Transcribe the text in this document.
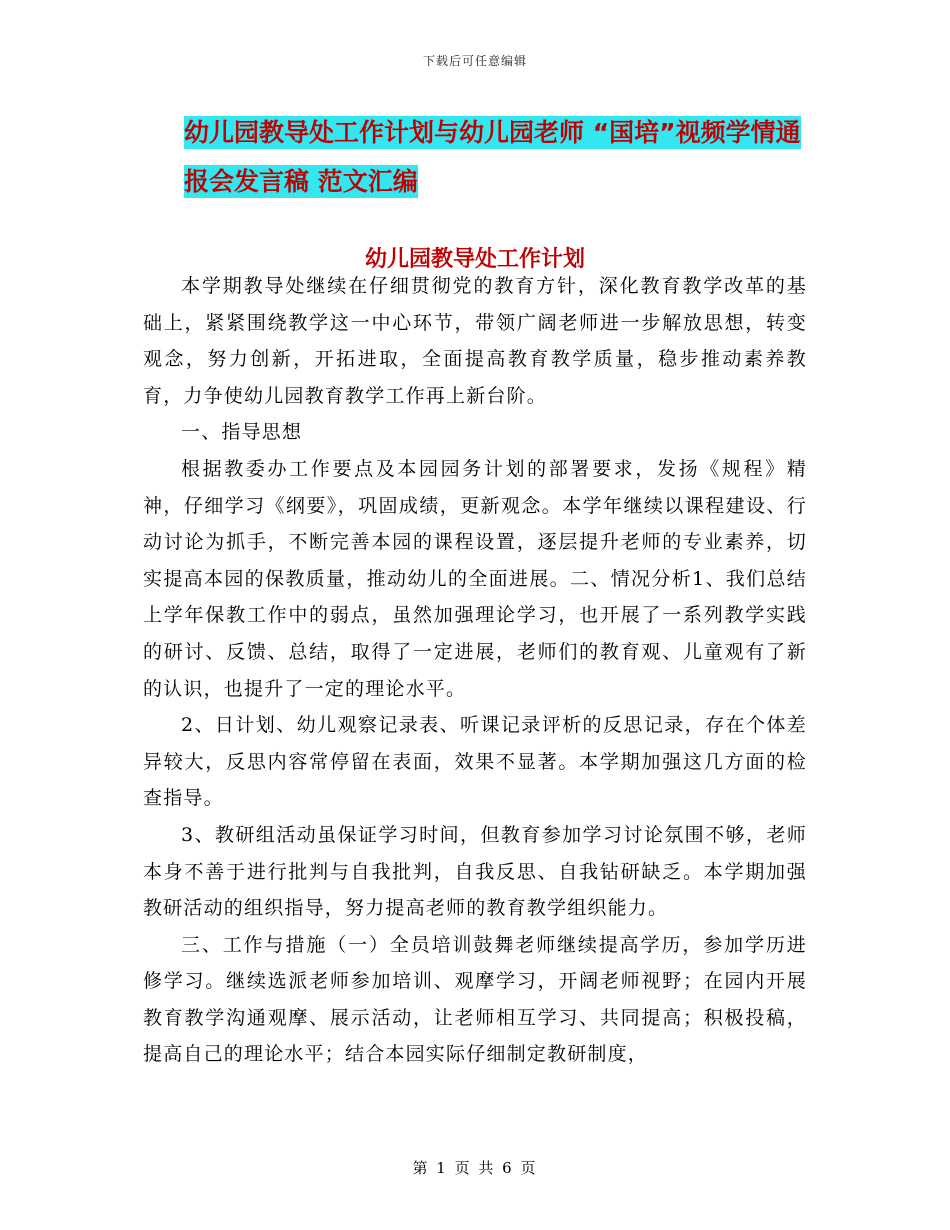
下载后可任意编辑
幼儿园教导处工作计划与幼儿园老师 “国培”视频学情通报会发言稿 范文汇编
幼儿园教导处工作计划

本学期教导处继续在仔细贯彻党的教育方针，深化教育教学改革的基础上，紧紧围绕教学这一中心环节，带领广阔老师进一步解放思想，转变观念，努力创新，开拓进取，全面提高教育教学质量，稳步推动素养教育，力争使幼儿园教育教学工作再上新台阶。

一、指导思想

根据教委办工作要点及本园园务计划的部署要求，发扬《规程》精神，仔细学习《纲要》，巩固成绩，更新观念。本学年继续以课程建设、行动讨论为抓手，不断完善本园的课程设置，逐层提升老师的专业素养，切实提高本园的保教质量，推动幼儿的全面进展。二、情况分析1、我们总结上学年保教工作中的弱点，虽然加强理论学习，也开展了一系列教学实践的研讨、反馈、总结，取得了一定进展，老师们的教育观、儿童观有了新的认识，也提升了一定的理论水平。

2、日计划、幼儿观察记录表、听课记录评析的反思记录，存在个体差异较大，反思内容常停留在表面，效果不显著。本学期加强这几方面的检查指导。

3、教研组活动虽保证学习时间，但教育参加学习讨论氛围不够，老师本身不善于进行批判与自我批判，自我反思、自我钻研缺乏。本学期加强教研活动的组织指导，努力提高老师的教育教学组织能力。

三、工作与措施（一）全员培训鼓舞老师继续提高学历，参加学历进修学习。继续选派老师参加培训、观摩学习，开阔老师视野；在园内开展教育教学沟通观摩、展示活动，让老师相互学习、共同提高；积极投稿，提高自己的理论水平；结合本园实际仔细制定教研制度，

第 1 页 共 6 页
